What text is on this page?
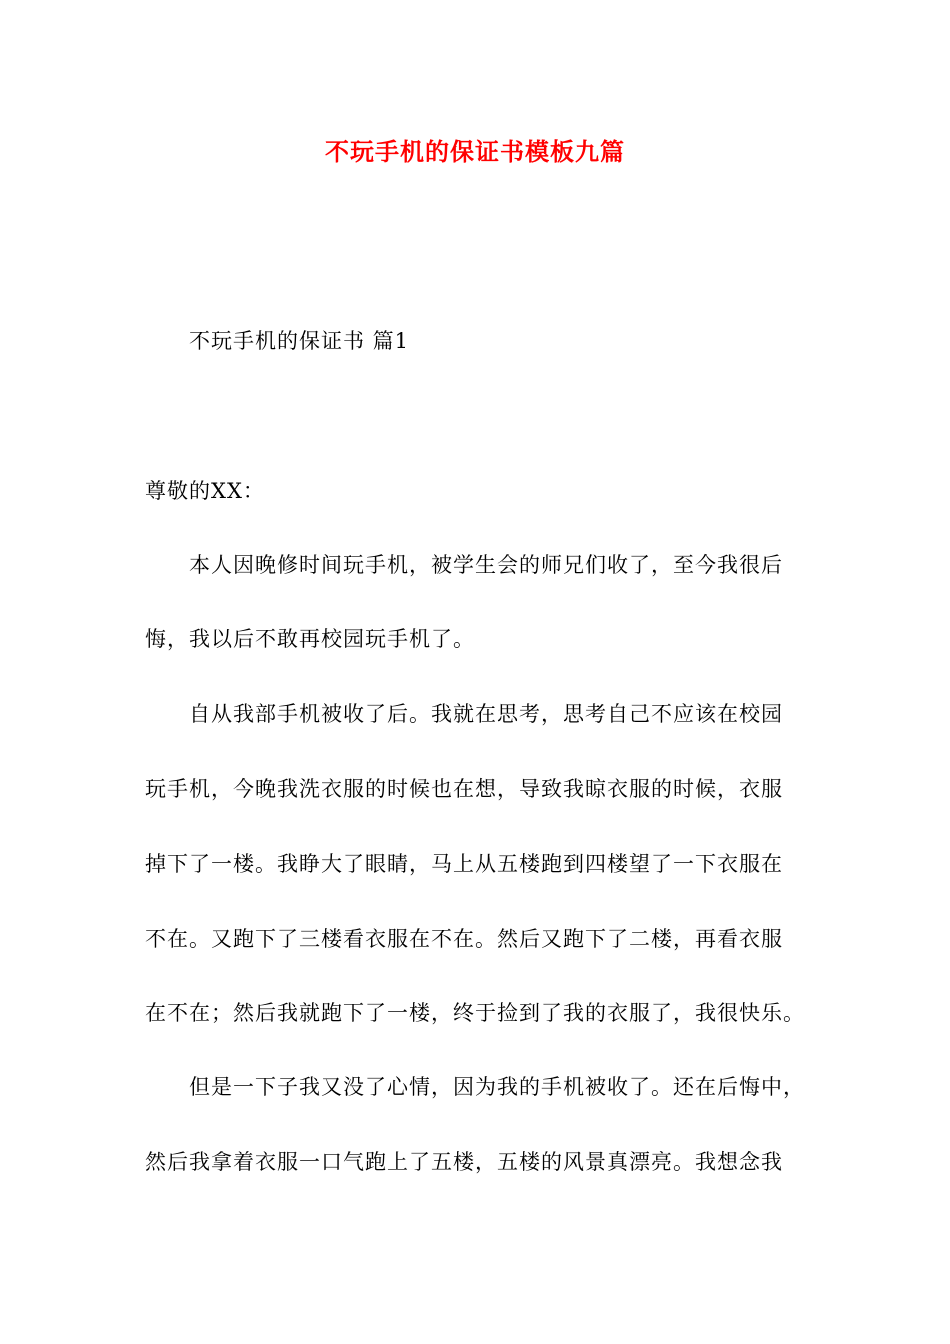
不玩手机的保证书模板九篇
不玩手机的保证书 篇1
尊敬的XX：
本人因晚修时间玩手机，被学生会的师兄们收了，至今我很后
悔，我以后不敢再校园玩手机了。
自从我部手机被收了后。我就在思考，思考自己不应该在校园
玩手机，今晚我洗衣服的时候也在想，导致我晾衣服的时候，衣服
掉下了一楼。我睁大了眼睛，马上从五楼跑到四楼望了一下衣服在
不在。又跑下了三楼看衣服在不在。然后又跑下了二楼，再看衣服
在不在；然后我就跑下了一楼，终于捡到了我的衣服了，我很快乐。
但是一下子我又没了心情，因为我的手机被收了。还在后悔中，
然后我拿着衣服一口气跑上了五楼，五楼的风景真漂亮。我想念我
